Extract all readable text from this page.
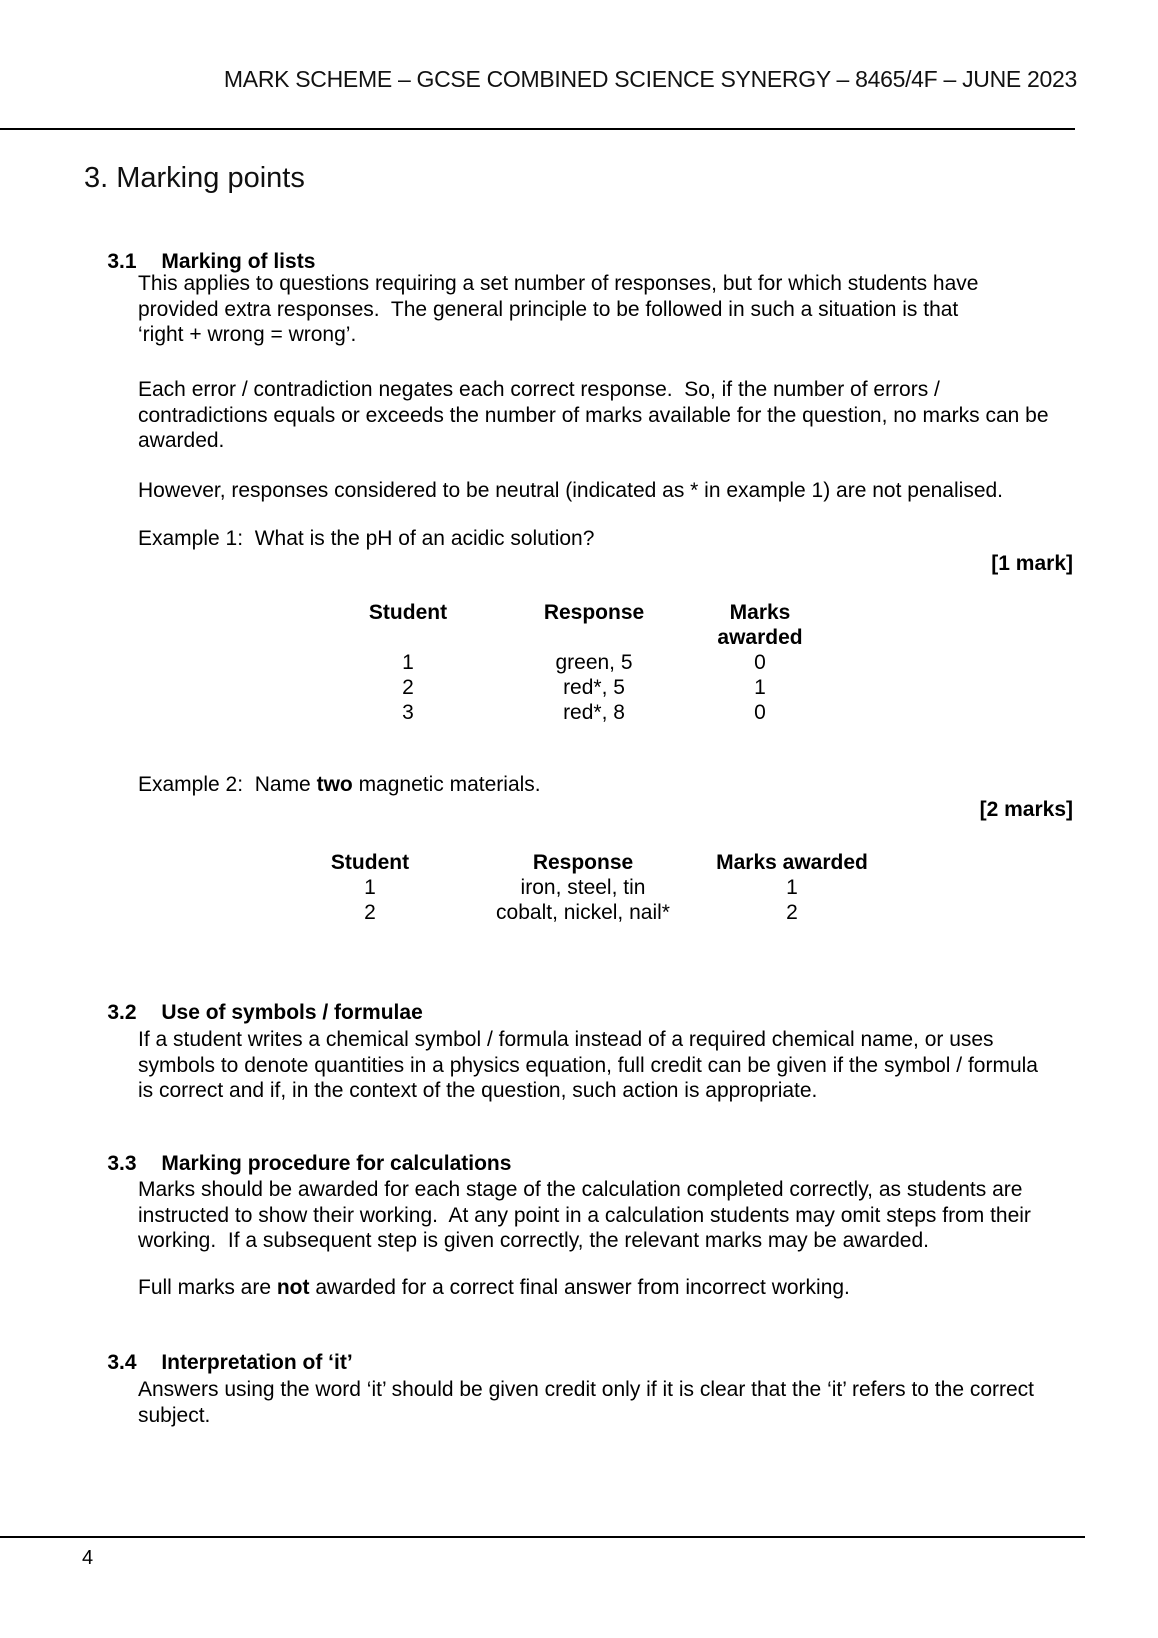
MARK SCHEME – GCSE COMBINED SCIENCE SYNERGY – 8465/4F – JUNE 2023
3. Marking points

3.1 Marking of lists

This applies to questions requiring a set number of responses, but for which students have
provided extra responses.  The general principle to be followed in such a situation is that
‘right + wrong = wrong’.
Each error / contradiction negates each correct response.  So, if the number of errors /
contradictions equals or exceeds the number of marks available for the question, no marks can be
awarded.
However, responses considered to be neutral (indicated as * in example 1) are not penalised.
Example 1:  What is the pH of an acidic solution?
[1 mark]
Student	Response	Marks awarded
1	green, 5	0
2	red*, 5	1
3	red*, 8	0
Example 2:  Name two magnetic materials.
[2 marks]
Student	Response	Marks awarded
1	iron, steel, tin	1
2	cobalt, nickel, nail*	2

3.2 Use of symbols / formulae

If a student writes a chemical symbol / formula instead of a required chemical name, or uses
symbols to denote quantities in a physics equation, full credit can be given if the symbol / formula
is correct and if, in the context of the question, such action is appropriate.

3.3 Marking procedure for calculations

Marks should be awarded for each stage of the calculation completed correctly, as students are
instructed to show their working.  At any point in a calculation students may omit steps from their
working.  If a subsequent step is given correctly, the relevant marks may be awarded.
Full marks are not awarded for a correct final answer from incorrect working.

3.4 Interpretation of ‘it’

Answers using the word ‘it’ should be given credit only if it is clear that the ‘it’ refers to the correct
subject.
4
